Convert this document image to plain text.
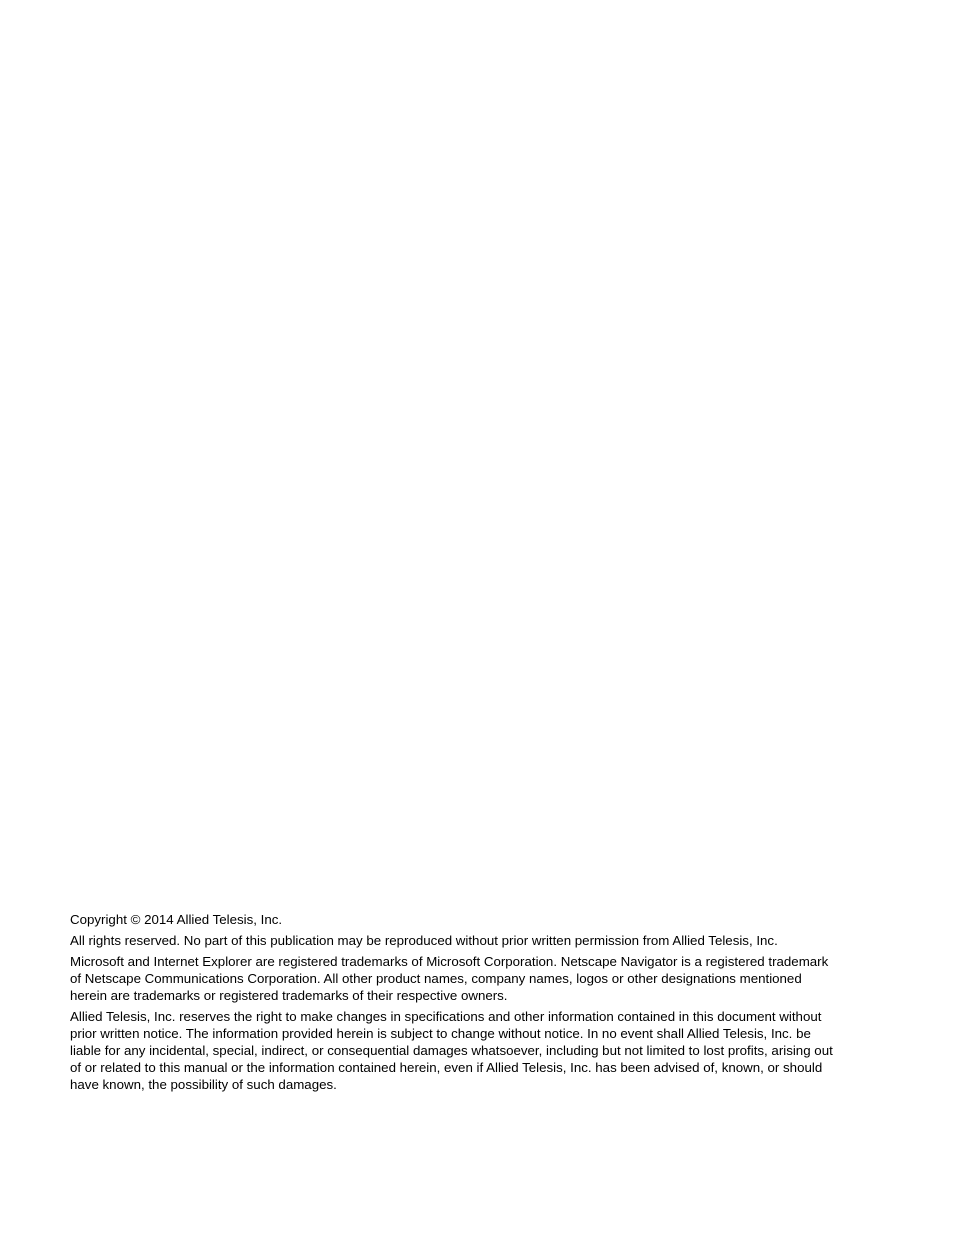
Copyright © 2014 Allied Telesis, Inc.

All rights reserved. No part of this publication may be reproduced without prior written permission from Allied Telesis, Inc.

Microsoft and Internet Explorer are registered trademarks of Microsoft Corporation. Netscape Navigator is a registered trademark of Netscape Communications Corporation. All other product names, company names, logos or other designations mentioned herein are trademarks or registered trademarks of their respective owners.

Allied Telesis, Inc. reserves the right to make changes in specifications and other information contained in this document without prior written notice. The information provided herein is subject to change without notice. In no event shall Allied Telesis, Inc. be liable for any incidental, special, indirect, or consequential damages whatsoever, including but not limited to lost profits, arising out of or related to this manual or the information contained herein, even if Allied Telesis, Inc. has been advised of, known, or should have known, the possibility of such damages.
